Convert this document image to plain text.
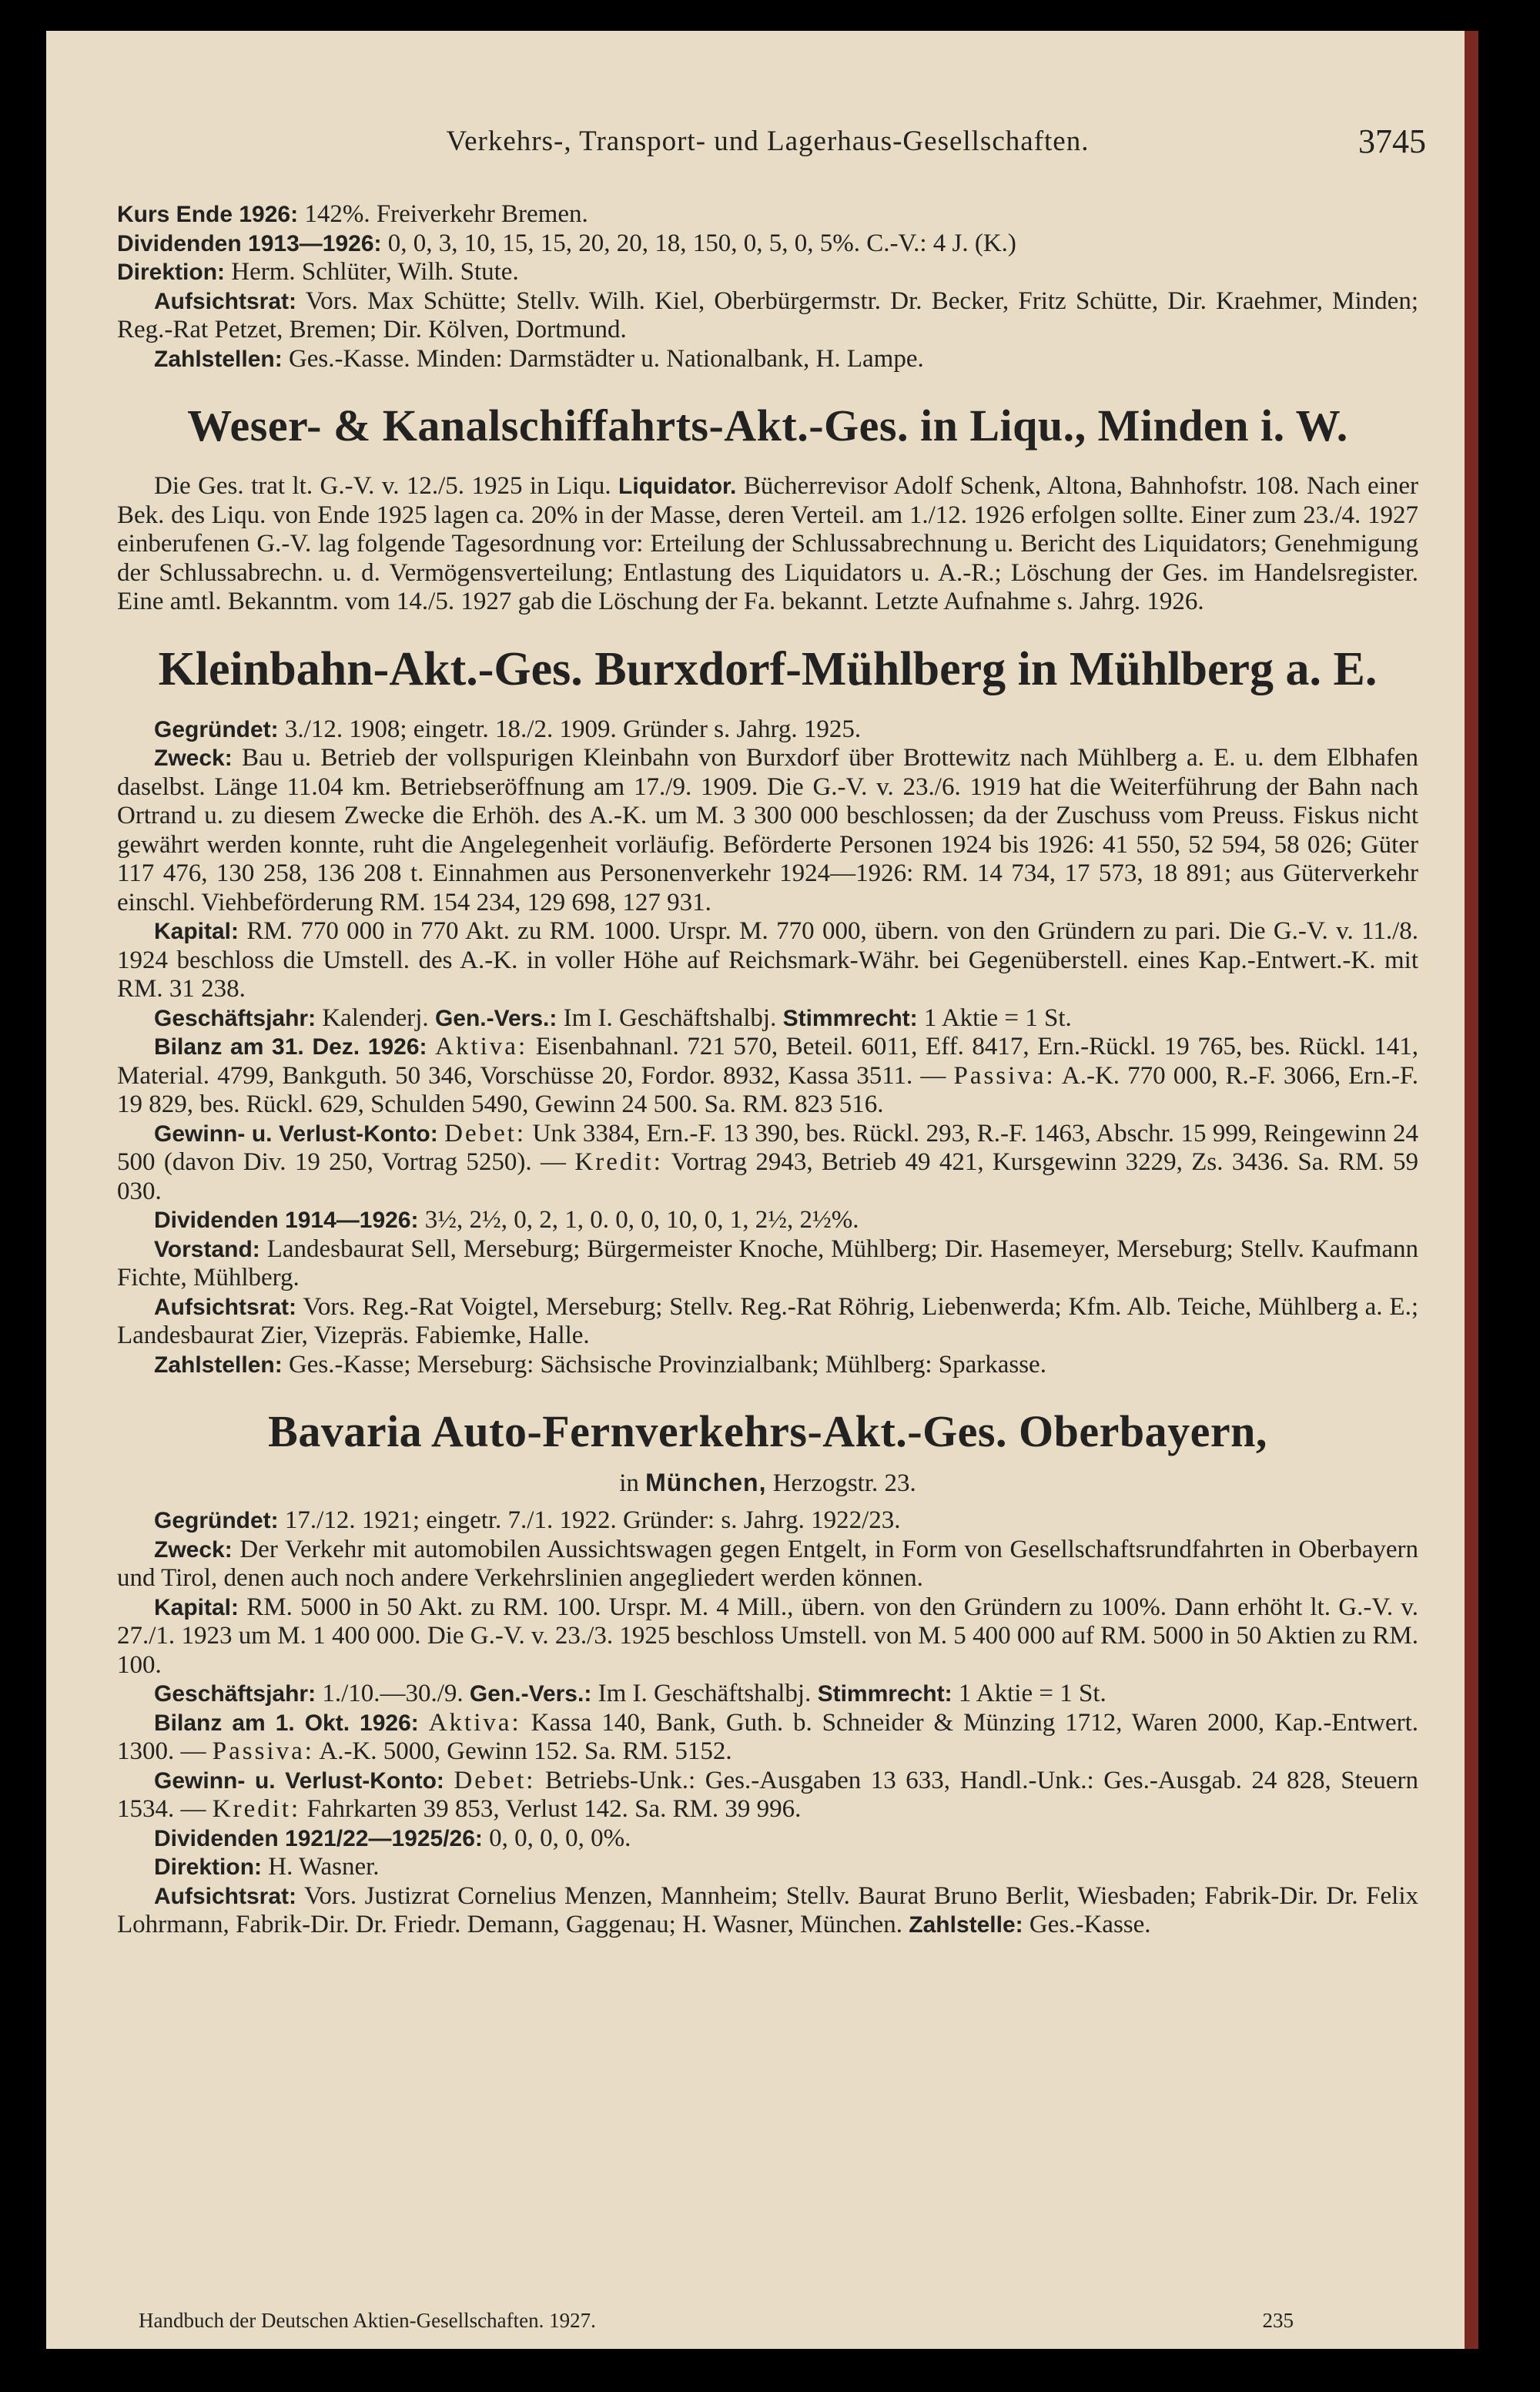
Verkehrs-, Transport- und Lagerhaus-Gesellschaften.	3745

Kurs Ende 1926: 142%. Freiverkehr Bremen.

Dividenden 1913—1926: 0, 0, 3, 10, 15, 15, 20, 20, 18, 150, 0, 5, 0, 5%. C.-V.: 4 J. (K.)

Direktion: Herm. Schlüter, Wilh. Stute.

Aufsichtsrat: Vors. Max Schütte; Stellv. Wilh. Kiel, Oberbürgermstr. Dr. Becker, Fritz Schütte, Dir. Kraehmer, Minden; Reg.-Rat Petzet, Bremen; Dir. Kölven, Dortmund.

Zahlstellen: Ges.-Kasse. Minden: Darmstädter u. Nationalbank, H. Lampe.

Weser- & Kanalschiffahrts-Akt.-Ges. in Liqu., Minden i. W.

Die Ges. trat lt. G.-V. v. 12./5. 1925 in Liqu. Liquidator. Bücherrevisor Adolf Schenk, Altona, Bahnhofstr. 108. Nach einer Bek. des Liqu. von Ende 1925 lagen ca. 20% in der Masse, deren Verteil. am 1./12. 1926 erfolgen sollte. Einer zum 23./4. 1927 einberufenen G.-V. lag folgende Tagesordnung vor: Erteilung der Schlussabrechnung u. Bericht des Liquidators; Genehmigung der Schlussabrechn. u. d. Vermögensverteilung; Entlastung des Liquidators u. A.-R.; Löschung der Ges. im Handelsregister. Eine amtl. Bekanntm. vom 14./5. 1927 gab die Löschung der Fa. bekannt. Letzte Aufnahme s. Jahrg. 1926.

Kleinbahn-Akt.-Ges. Burxdorf-Mühlberg in Mühlberg a. E.

Gegründet: 3./12. 1908; eingetr. 18./2. 1909. Gründer s. Jahrg. 1925.

Zweck: Bau u. Betrieb der vollspurigen Kleinbahn von Burxdorf über Brottewitz nach Mühlberg a. E. u. dem Elbhafen daselbst. Länge 11.04 km. Betriebseröffnung am 17./9. 1909. Die G.-V. v. 23./6. 1919 hat die Weiterführung der Bahn nach Ortrand u. zu diesem Zwecke die Erhöh. des A.-K. um M. 3 300 000 beschlossen; da der Zuschuss vom Preuss. Fiskus nicht gewährt werden konnte, ruht die Angelegenheit vorläufig. Beförderte Personen 1924 bis 1926: 41 550, 52 594, 58 026; Güter 117 476, 130 258, 136 208 t. Einnahmen aus Personenverkehr 1924—1926: RM. 14 734, 17 573, 18 891; aus Güterverkehr einschl. Viehbeförderung RM. 154 234, 129 698, 127 931.

Kapital: RM. 770 000 in 770 Akt. zu RM. 1000. Urspr. M. 770 000, übern. von den Gründern zu pari. Die G.-V. v. 11./8. 1924 beschloss die Umstell. des A.-K. in voller Höhe auf Reichsmark-Währ. bei Gegenüberstell. eines Kap.-Entwert.-K. mit RM. 31 238.

Geschäftsjahr: Kalenderj. Gen.-Vers.: Im I. Geschäftshalbj. Stimmrecht: 1 Aktie = 1 St.

Bilanz am 31. Dez. 1926: Aktiva: Eisenbahnanl. 721 570, Beteil. 6011, Eff. 8417, Ern.-Rückl. 19 765, bes. Rückl. 141, Material. 4799, Bankguth. 50 346, Vorschüsse 20, Fordor. 8932, Kassa 3511. — Passiva: A.-K. 770 000, R.-F. 3066, Ern.-F. 19 829, bes. Rückl. 629, Schulden 5490, Gewinn 24 500. Sa. RM. 823 516.

Gewinn- u. Verlust-Konto: Debet: Unk 3384, Ern.-F. 13 390, bes. Rückl. 293, R.-F. 1463, Abschr. 15 999, Reingewinn 24 500 (davon Div. 19 250, Vortrag 5250). — Kredit: Vortrag 2943, Betrieb 49 421, Kursgewinn 3229, Zs. 3436. Sa. RM. 59 030.

Dividenden 1914—1926: 3½, 2½, 0, 2, 1, 0. 0, 0, 10, 0, 1, 2½, 2½%.

Vorstand: Landesbaurat Sell, Merseburg; Bürgermeister Knoche, Mühlberg; Dir. Hasemeyer, Merseburg; Stellv. Kaufmann Fichte, Mühlberg.

Aufsichtsrat: Vors. Reg.-Rat Voigtel, Merseburg; Stellv. Reg.-Rat Röhrig, Liebenwerda; Kfm. Alb. Teiche, Mühlberg a. E.; Landesbaurat Zier, Vizepräs. Fabiemke, Halle.

Zahlstellen: Ges.-Kasse; Merseburg: Sächsische Provinzialbank; Mühlberg: Sparkasse.

Bavaria Auto-Fernverkehrs-Akt.-Ges. Oberbayern,
in München, Herzogstr. 23.

Gegründet: 17./12. 1921; eingetr. 7./1. 1922. Gründer: s. Jahrg. 1922/23.

Zweck: Der Verkehr mit automobilen Aussichtswagen gegen Entgelt, in Form von Gesellschaftsrundfahrten in Oberbayern und Tirol, denen auch noch andere Verkehrslinien angegliedert werden können.

Kapital: RM. 5000 in 50 Akt. zu RM. 100. Urspr. M. 4 Mill., übern. von den Gründern zu 100%. Dann erhöht lt. G.-V. v. 27./1. 1923 um M. 1 400 000. Die G.-V. v. 23./3. 1925 beschloss Umstell. von M. 5 400 000 auf RM. 5000 in 50 Aktien zu RM. 100.

Geschäftsjahr: 1./10.—30./9. Gen.-Vers.: Im I. Geschäftshalbj. Stimmrecht: 1 Aktie = 1 St.

Bilanz am 1. Okt. 1926: Aktiva: Kassa 140, Bank, Guth. b. Schneider & Münzing 1712, Waren 2000, Kap.-Entwert. 1300. — Passiva: A.-K. 5000, Gewinn 152. Sa. RM. 5152.

Gewinn- u. Verlust-Konto: Debet: Betriebs-Unk.: Ges.-Ausgaben 13 633, Handl.-Unk.: Ges.-Ausgab. 24 828, Steuern 1534. — Kredit: Fahrkarten 39 853, Verlust 142. Sa. RM. 39 996.

Dividenden 1921/22—1925/26: 0, 0, 0, 0, 0%.

Direktion: H. Wasner.

Aufsichtsrat: Vors. Justizrat Cornelius Menzen, Mannheim; Stellv. Baurat Bruno Berlit, Wiesbaden; Fabrik-Dir. Dr. Felix Lohrmann, Fabrik-Dir. Dr. Friedr. Demann, Gaggenau; H. Wasner, München. Zahlstelle: Ges.-Kasse.

Handbuch der Deutschen Aktien-Gesellschaften. 1927.	235
